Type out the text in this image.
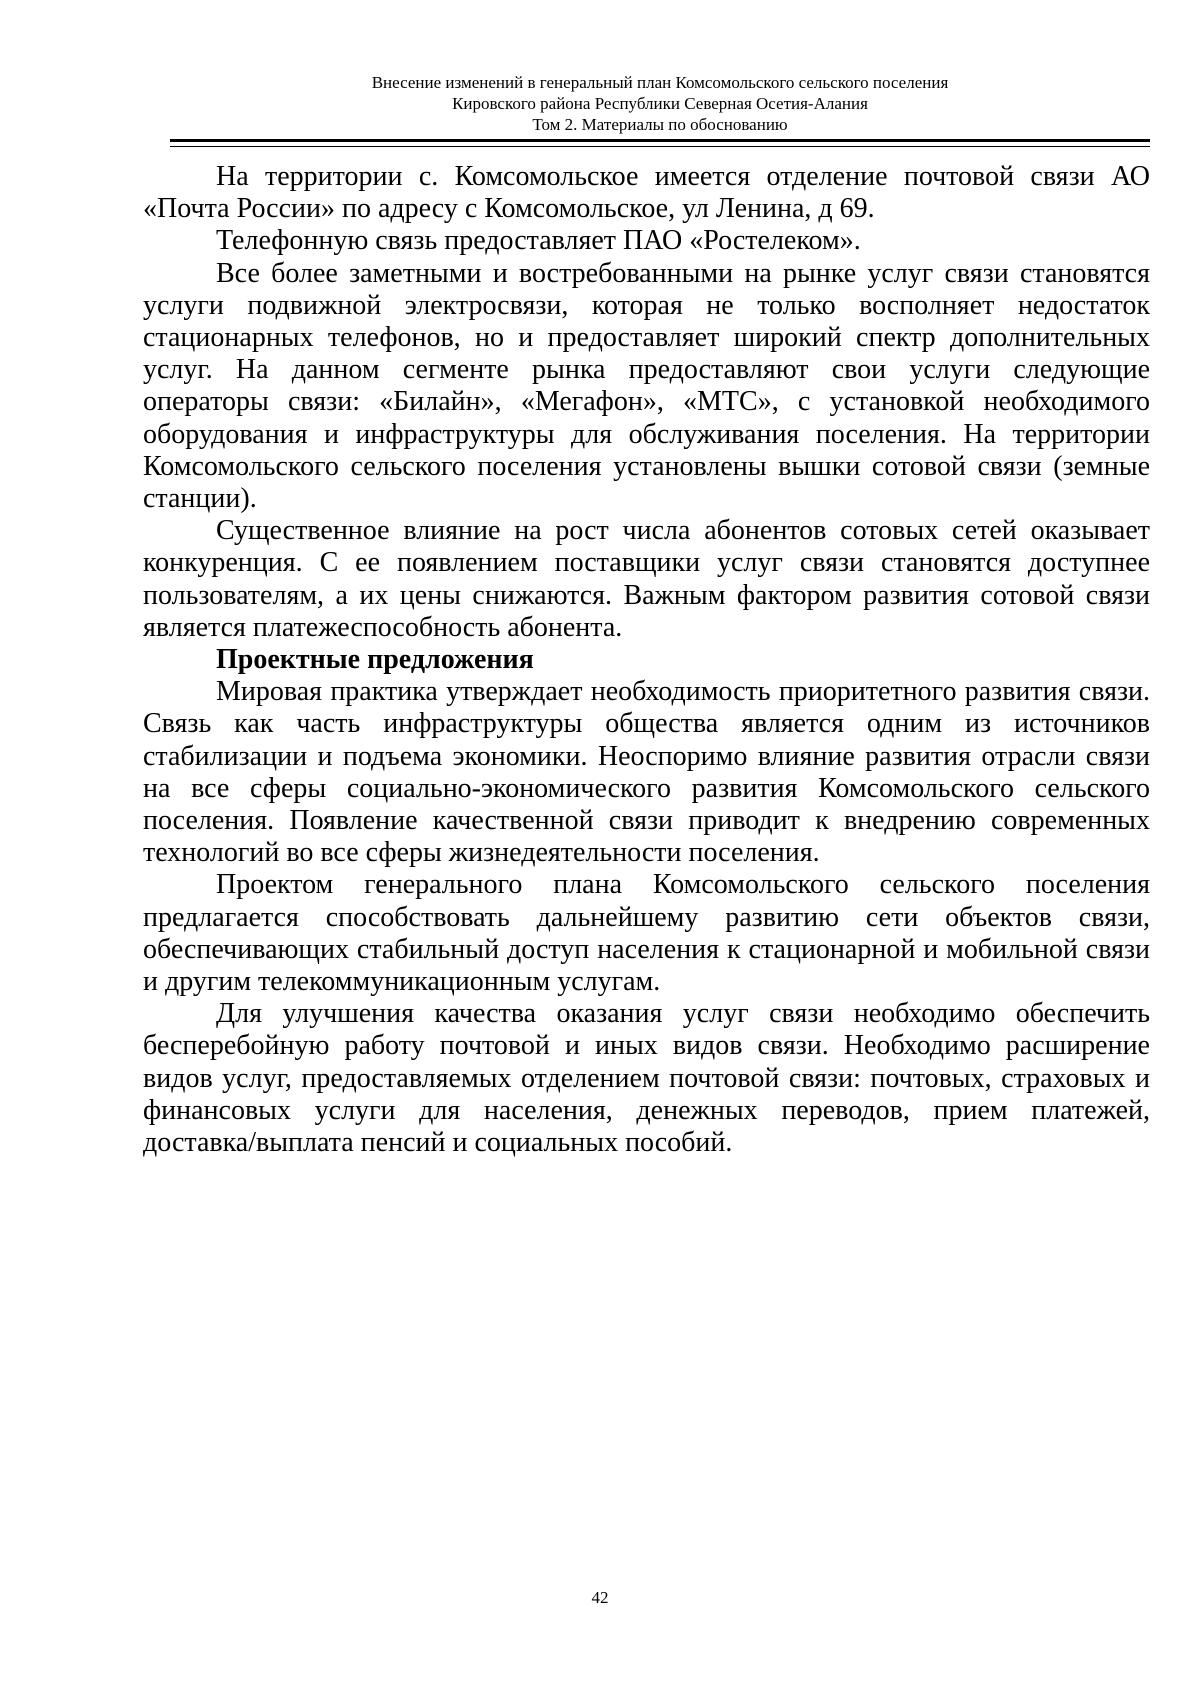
Внесение изменений в генеральный план Комсомольского сельского поселения
Кировского района Республики Северная Осетия-Алания
Том 2. Материалы по обоснованию

На территории с. Комсомольское имеется отделение почтовой связи АО «Почта России» по адресу с Комсомольское, ул Ленина, д 69.

Телефонную связь предоставляет ПАО «Ростелеком».

Все более заметными и востребованными на рынке услуг связи становятся услуги подвижной электросвязи, которая не только восполняет недостаток стационарных телефонов, но и предоставляет широкий спектр дополнительных услуг. На данном сегменте рынка предоставляют свои услуги следующие операторы связи: «Билайн», «Мегафон», «МТС», с установкой необходимого оборудования и инфраструктуры для обслуживания поселения. На территории Комсомольского сельского поселения установлены вышки сотовой связи (земные станции).

Существенное влияние на рост числа абонентов сотовых сетей оказывает конкуренция. С ее появлением поставщики услуг связи становятся доступнее пользователям, а их цены снижаются. Важным фактором развития сотовой связи является платежеспособность абонента.

Проектные предложения

Мировая практика утверждает необходимость приоритетного развития связи. Связь как часть инфраструктуры общества является одним из источников стабилизации и подъема экономики. Неоспоримо влияние развития отрасли связи на все сферы социально-экономического развития Комсомольского сельского поселения. Появление качественной связи приводит к внедрению современных технологий во все сферы жизнедеятельности поселения.

Проектом генерального плана Комсомольского сельского поселения предлагается способствовать дальнейшему развитию сети объектов связи, обеспечивающих стабильный доступ населения к стационарной и мобильной связи и другим телекоммуникационным услугам.

Для улучшения качества оказания услуг связи необходимо обеспечить бесперебойную работу почтовой и иных видов связи. Необходимо расширение видов услуг, предоставляемых отделением почтовой связи: почтовых, страховых и финансовых услуги для населения, денежных переводов, прием платежей, доставка/выплата пенсий и социальных пособий.

42
